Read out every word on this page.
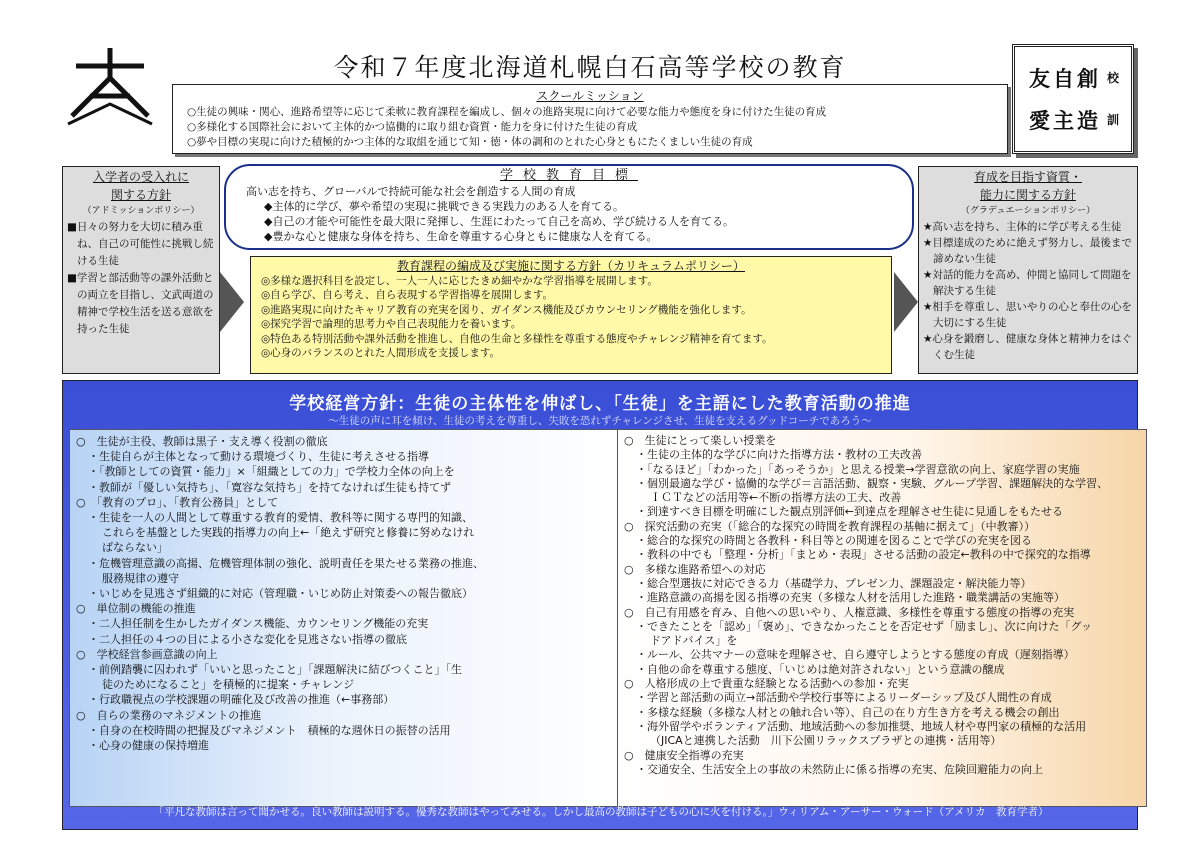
令和７年度北海道札幌白石高等学校の教育	友自創
愛主造
校
訓
スクールミッション
○生徒の興味・関心、進路希望等に応じて柔軟に教育課程を編成し、個々の進路実現に向けて必要な能力や態度を身に付けた生徒の育成
○多様化する国際社会において主体的かつ協働的に取り組む資質・能力を身に付けた生徒の育成
○夢や目標の実現に向けた積極的かつ主体的な取組を通じて知・徳・体の調和のとれた心身ともにたくましい生徒の育成
入学者の受入れに
関する方針
（アドミッションポリシー）
■日々の努力を大切に積み重ね、自己の可能性に挑戦し続ける生徒
■学習と部活動等の課外活動との両立を目指し、文武両道の精神で学校生活を送る意欲を持った生徒
学校教育目標
高い志を持ち、グローバルで持続可能な社会を創造する人間の育成
◆主体的に学び、夢や希望の実現に挑戦できる実践力のある人を育てる。
◆自己の才能や可能性を最大限に発揮し、生涯にわたって自己を高め、学び続ける人を育てる。
◆豊かな心と健康な身体を持ち、生命を尊重する心身ともに健康な人を育てる。
教育課程の編成及び実施に関する方針（カリキュラムポリシー）
◎多様な選択科目を設定し、一人一人に応じたきめ細やかな学習指導を展開します。
◎自ら学び、自ら考え、自ら表現する学習指導を展開します。
◎進路実現に向けたキャリア教育の充実を図り、ガイダンス機能及びカウンセリング機能を強化します。
◎探究学習で論理的思考力や自己表現能力を養います。
◎特色ある特別活動や課外活動を推進し、自他の生命と多様性を尊重する態度やチャレンジ精神を育てます。
◎心身のバランスのとれた人間形成を支援します。
育成を目指す資質・
能力に関する方針
（グラデュエーションポリシー）
★高い志を持ち、主体的に学び考える生徒
★目標達成のために絶えず努力し、最後まで諦めない生徒
★対話的能力を高め、仲間と協同して問題を解決する生徒
★相手を尊重し、思いやりの心と奉仕の心を大切にする生徒
★心身を鍛磨し、健康な身体と精神力をはぐくむ生徒
学校経営方針：生徒の主体性を伸ばし、「生徒」を主語にした教育活動の推進
～生徒の声に耳を傾け、生徒の考えを尊重し、失敗を恐れずチャレンジさせ、生徒を支えるグッドコーチであろう～
○　生徒が主役、教師は黒子・支え導く役割の徹底
・生徒自らが主体となって動ける環境づくり、生徒に考えさせる指導
・「教師としての資質・能力」×「組織としての力」で学校力全体の向上を
・教師が「優しい気持ち」、「寛容な気持ち」を持てなければ生徒も持てず
○　「教育のプロ」、「教育公務員」として
・生徒を一人の人間として尊重する教育的愛情、教科等に関する専門的知識、
これらを基盤とした実践的指導力の向上←「絶えず研究と修養に努めなけれ
ばならない」
・危機管理意識の高揚、危機管理体制の強化、説明責任を果たせる業務の推進、
服務規律の遵守
・いじめを見逃さず組織的に対応（管理職・いじめ防止対策委への報告徹底）
○　単位制の機能の推進
・二人担任制を生かしたガイダンス機能、カウンセリング機能の充実
・二人担任の４つの目による小さな変化を見逃さない指導の徹底
○　学校経営参画意識の向上
・前例踏襲に囚われず「いいと思ったこと」「課題解決に結びつくこと」「生
徒のためになること」を積極的に提案・チャレンジ
・行政職視点の学校課題の明確化及び改善の推進（←事務部）
○　自らの業務のマネジメントの推進
・自身の在校時間の把握及びマネジメント　積極的な週休日の振替の活用
・心身の健康の保持増進
○　生徒にとって楽しい授業を
・生徒の主体的な学びに向けた指導方法・教材の工夫改善
・「なるほど」「わかった」「あっそうか」と思える授業→学習意欲の向上、家庭学習の実施
・個別最適な学び・協働的な学び＝言語活動、観察・実験、グループ学習、課題解決的な学習、
ＩＣＴなどの活用等←不断の指導方法の工夫、改善
・到達すべき目標を明確にした観点別評価←到達点を理解させ生徒に見通しをもたせる
○　探究活動の充実（「総合的な探究の時間を教育課程の基軸に据えて」（中教審））
・総合的な探究の時間と各教科・科目等との関連を図ることで学びの充実を図る
・教科の中でも「整理・分析」「まとめ・表現」させる活動の設定←教科の中で探究的な指導
○　多様な進路希望への対応
・総合型選抜に対応できる力（基礎学力、プレゼン力、課題設定・解決能力等）
・進路意識の高揚を図る指導の充実（多様な人材を活用した進路・職業講話の実施等）
○　自己有用感を育み、自他への思いやり、人権意識、多様性を尊重する態度の指導の充実
・できたことを「認め」「褒め」、できなかったことを否定せず「励まし」、次に向けた「グッ
ドアドバイス」を
・ルール、公共マナーの意味を理解させ、自ら遵守しようとする態度の育成（遅刻指導）
・自他の命を尊重する態度、「いじめは絶対許されない」という意識の醸成
○　人格形成の上で貴重な経験となる活動への参加・充実
・学習と部活動の両立→部活動や学校行事等によるリーダーシップ及び人間性の育成
・多様な経験（多様な人材との触れ合い等）、自己の在り方生き方を考える機会の創出
・海外留学やボランティア活動、地域活動への参加推奨、地域人材や専門家の積極的な活用
（JICAと連携した活動　川下公園リラックスプラザとの連携・活用等）
○　健康安全指導の充実
・交通安全、生活安全上の事故の未然防止に係る指導の充実、危険回避能力の向上
「平凡な教師は言って聞かせる。良い教師は説明する。優秀な教師はやってみせる。しかし最高の教師は子どもの心に火を付ける。」ウィリアム・アーサー・ウォード（アメリカ　教育学者）
